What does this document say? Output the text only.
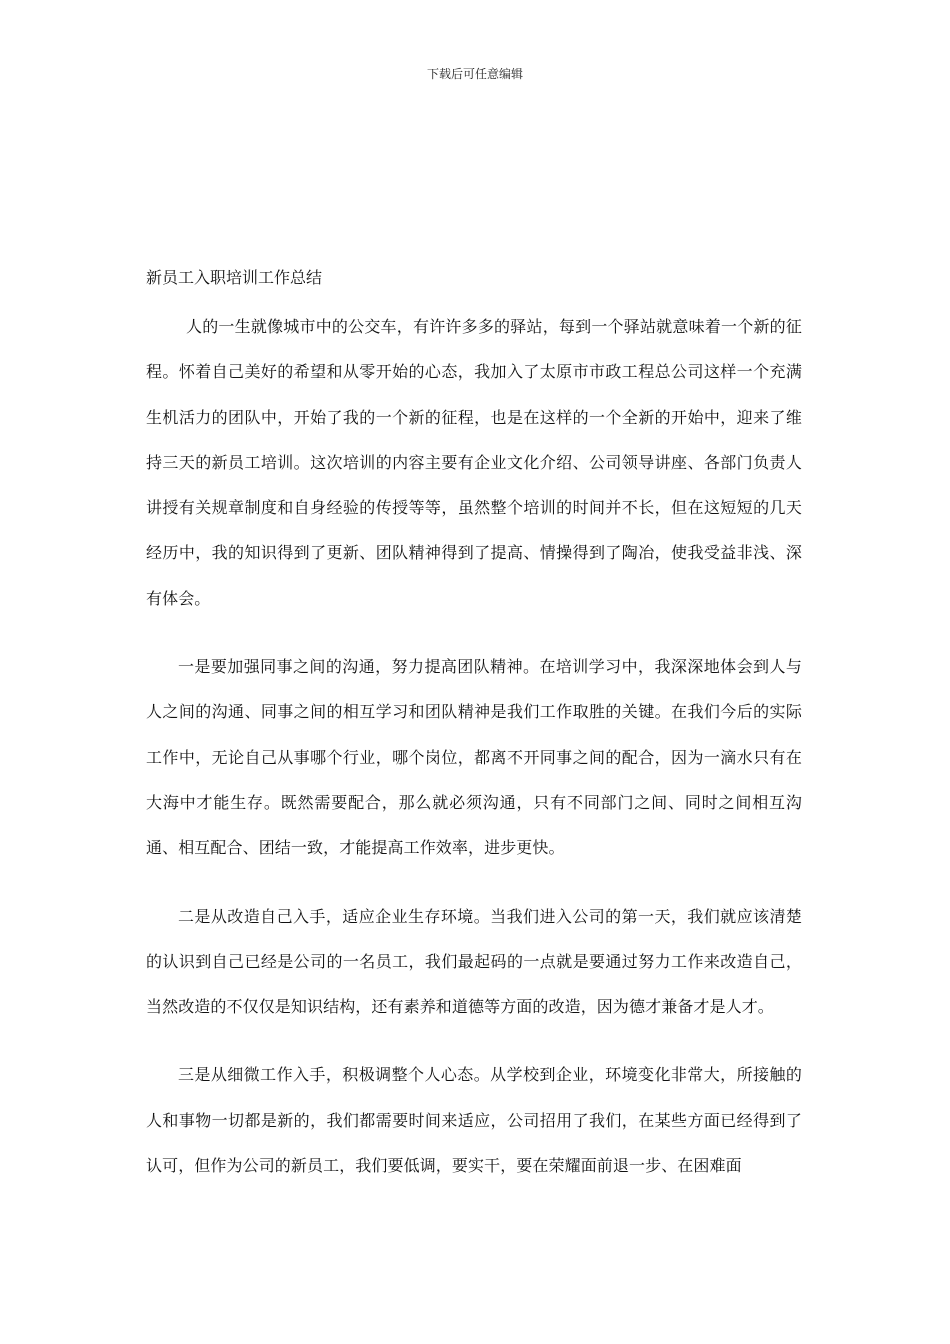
下载后可任意编辑
新员工入职培训工作总结

人的一生就像城市中的公交车，有许许多多的驿站，每到一个驿站就意味着一个新的征程。怀着自己美好的希望和从零开始的心态，我加入了太原市市政工程总公司这样一个充满生机活力的团队中，开始了我的一个新的征程，也是在这样的一个全新的开始中，迎来了维持三天的新员工培训。这次培训的内容主要有企业文化介绍、公司领导讲座、各部门负责人讲授有关规章制度和自身经验的传授等等，虽然整个培训的时间并不长，但在这短短的几天经历中，我的知识得到了更新、团队精神得到了提高、情操得到了陶冶，使我受益非浅、深有体会。

一是要加强同事之间的沟通，努力提高团队精神。在培训学习中，我深深地体会到人与人之间的沟通、同事之间的相互学习和团队精神是我们工作取胜的关键。在我们今后的实际工作中，无论自己从事哪个行业，哪个岗位，都离不开同事之间的配合，因为一滴水只有在大海中才能生存。既然需要配合，那么就必须沟通，只有不同部门之间、同时之间相互沟通、相互配合、团结一致，才能提高工作效率，进步更快。

二是从改造自己入手，适应企业生存环境。当我们进入公司的第一天，我们就应该清楚的认识到自己已经是公司的一名员工，我们最起码的一点就是要通过努力工作来改造自己，当然改造的不仅仅是知识结构，还有素养和道德等方面的改造，因为德才兼备才是人才。

三是从细微工作入手，积极调整个人心态。从学校到企业，环境变化非常大，所接触的人和事物一切都是新的，我们都需要时间来适应，公司招用了我们，在某些方面已经得到了认可，但作为公司的新员工，我们要低调，要实干，要在荣耀面前退一步、在困难面
